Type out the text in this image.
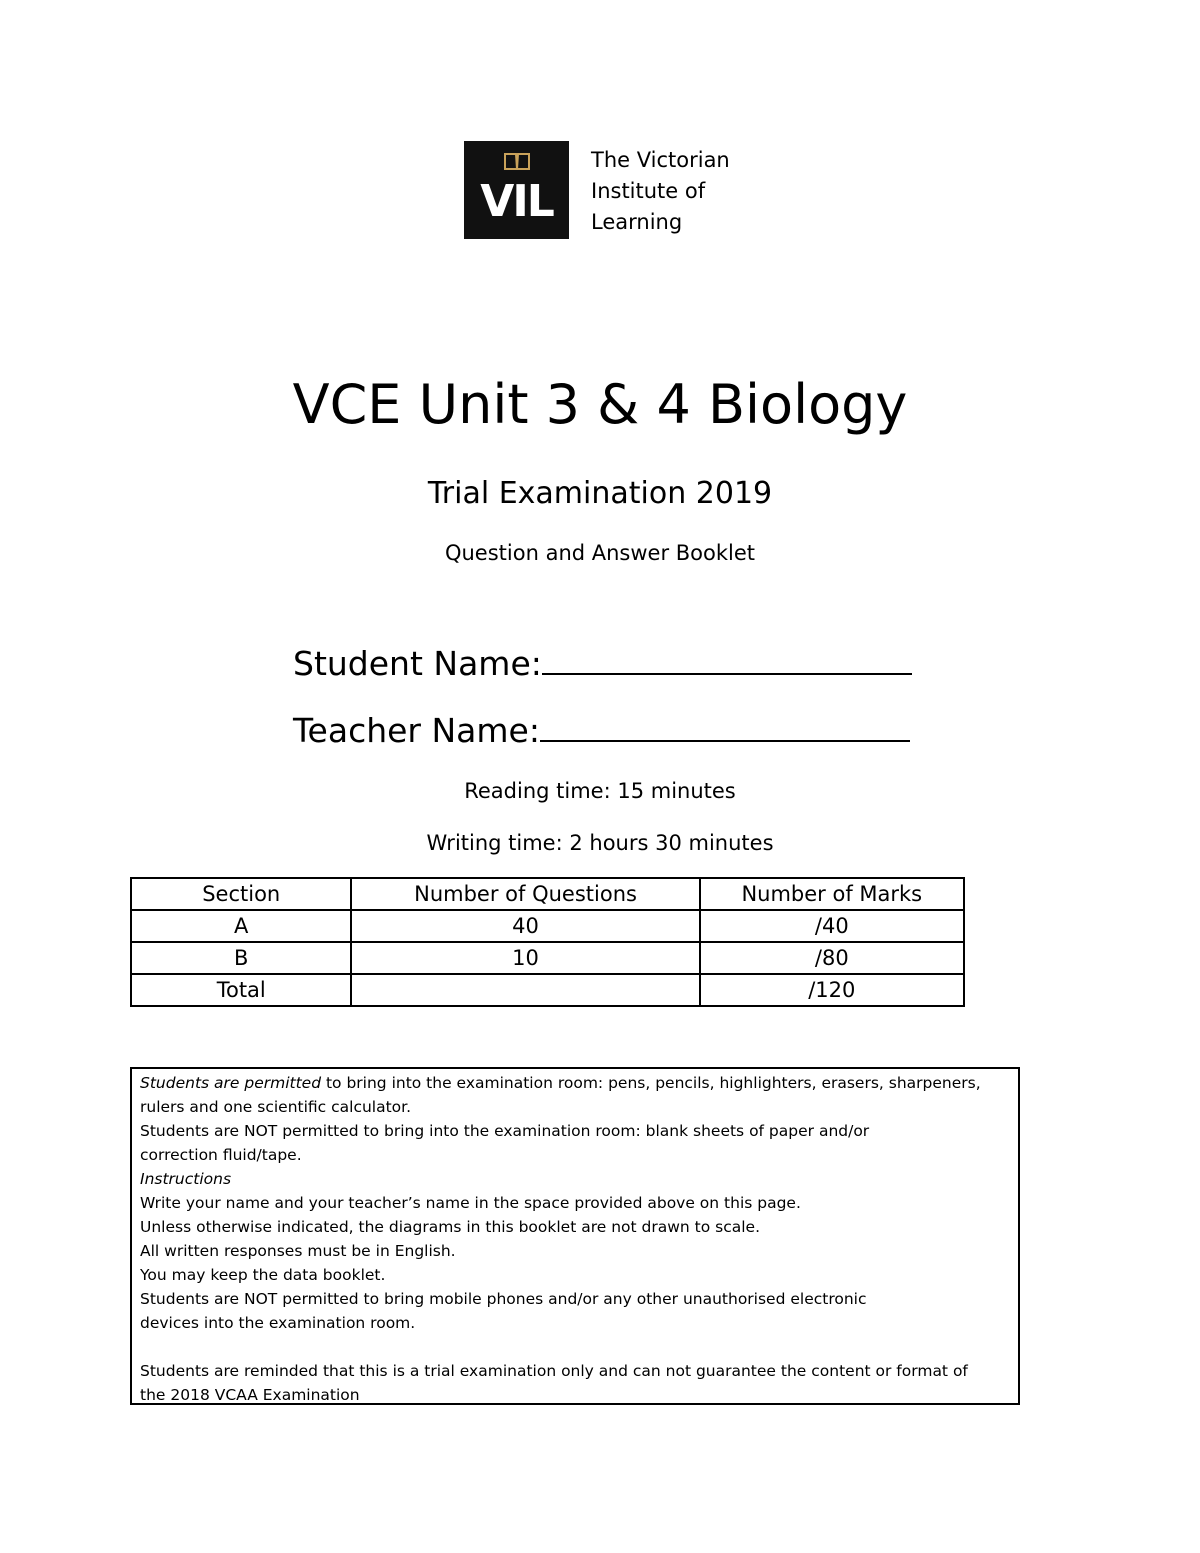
VIL
The Victorian
Institute of
Learning
VCE Unit 3 & 4 Biology
Trial Examination 2019
Question and Answer Booklet
Student Name:
Teacher Name:
Reading time: 15 minutes
Writing time: 2 hours 30 minutes
Section	Number of Questions	Number of Marks
A	40	/40
B	10	/80
Total		/120
Students are permitted to bring into the examination room: pens, pencils, highlighters, erasers, sharpeners,
rulers and one scientific calculator.
Students are NOT permitted to bring into the examination room: blank sheets of paper and/or
correction fluid/tape.
Instructions
Write your name and your teacher’s name in the space provided above on this page.
Unless otherwise indicated, the diagrams in this booklet are not drawn to scale.
All written responses must be in English.
You may keep the data booklet.
Students are NOT permitted to bring mobile phones and/or any other unauthorised electronic
devices into the examination room.
Students are reminded that this is a trial examination only and can not guarantee the content or format of
the 2018 VCAA Examination
